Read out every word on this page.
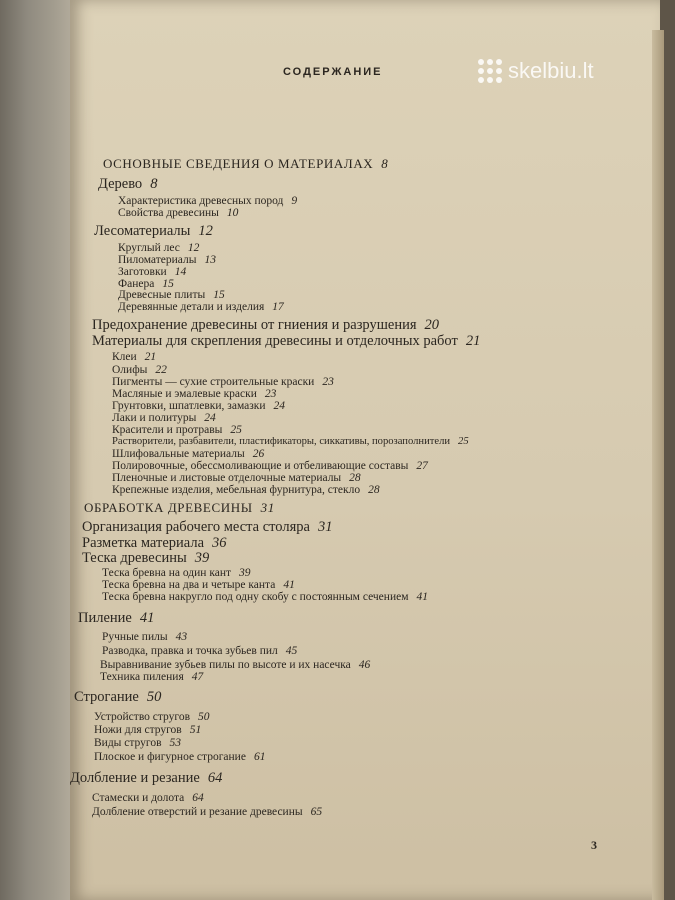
skelbiu.lt
СОДЕРЖАНИЕ
ОСНОВНЫЕ СВЕДЕНИЯ О МАТЕРИАЛАХ 8
Дерево 8
Характеристика древесных пород 9
Свойства древесины 10
Лесоматериалы 12
Круглый лес 12
Пиломатериалы 13
Заготовки 14
Фанера 15
Древесные плиты 15
Деревянные детали и изделия 17
Предохранение древесины от гниения и разрушения 20
Материалы для скрепления древесины и отделочных работ 21
Клеи 21
Олифы 22
Пигменты — сухие строительные краски 23
Масляные и эмалевые краски 23
Грунтовки, шпатлевки, замазки 24
Лаки и политуры 24
Красители и протравы 25
Растворители, разбавители, пластификаторы, сиккативы, порозаполнители 25
Шлифовальные материалы 26
Полировочные, обессмоливающие и отбеливающие составы 27
Пленочные и листовые отделочные материалы 28
Крепежные изделия, мебельная фурнитура, стекло 28
ОБРАБОТКА ДРЕВЕСИНЫ 31
Организация рабочего места столяра 31
Разметка материала 36
Теска древесины 39
Теска бревна на один кант 39
Теска бревна на два и четыре канта 41
Теска бревна накругло под одну скобу с постоянным сечением 41
Пиление 41
Ручные пилы 43
Разводка, правка и точка зубьев пил 45
Выравнивание зубьев пилы по высоте и их насечка 46
Техника пиления 47
Строгание 50
Устройство стругов 50
Ножи для стругов 51
Виды стругов 53
Плоское и фигурное строгание 61
Долбление и резание 64
Стамески и долота 64
Долбление отверстий и резание древесины 65
3
